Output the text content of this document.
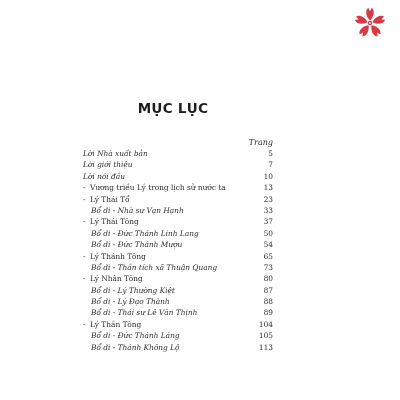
MỤC LỤC
Trang
Lời Nhà xuất bản	5
Lời giới thiệu	7
Lời nói đầu	10
- Vương triều Lý trong lịch sử nước ta	13
- Lý Thái Tổ	23
Bổ di - Nhà sư Vạn Hạnh	33
- Lý Thái Tông	37
Bổ di - Đức Thánh Linh Lang	50
Bổ di - Đức Thánh Mượu	54
- Lý Thánh Tông	65
Bổ di - Thần tích xã Thuận Quang	73
- Lý Nhân Tông	80
Bổ di - Lý Thường Kiệt	87
Bổ di - Lý Đạo Thành	88
Bổ di - Thái sư Lê Văn Thịnh	89
- Lý Thần Tông	104
Bổ di - Đức Thánh Láng	105
Bổ di - Thánh Không Lộ	113
